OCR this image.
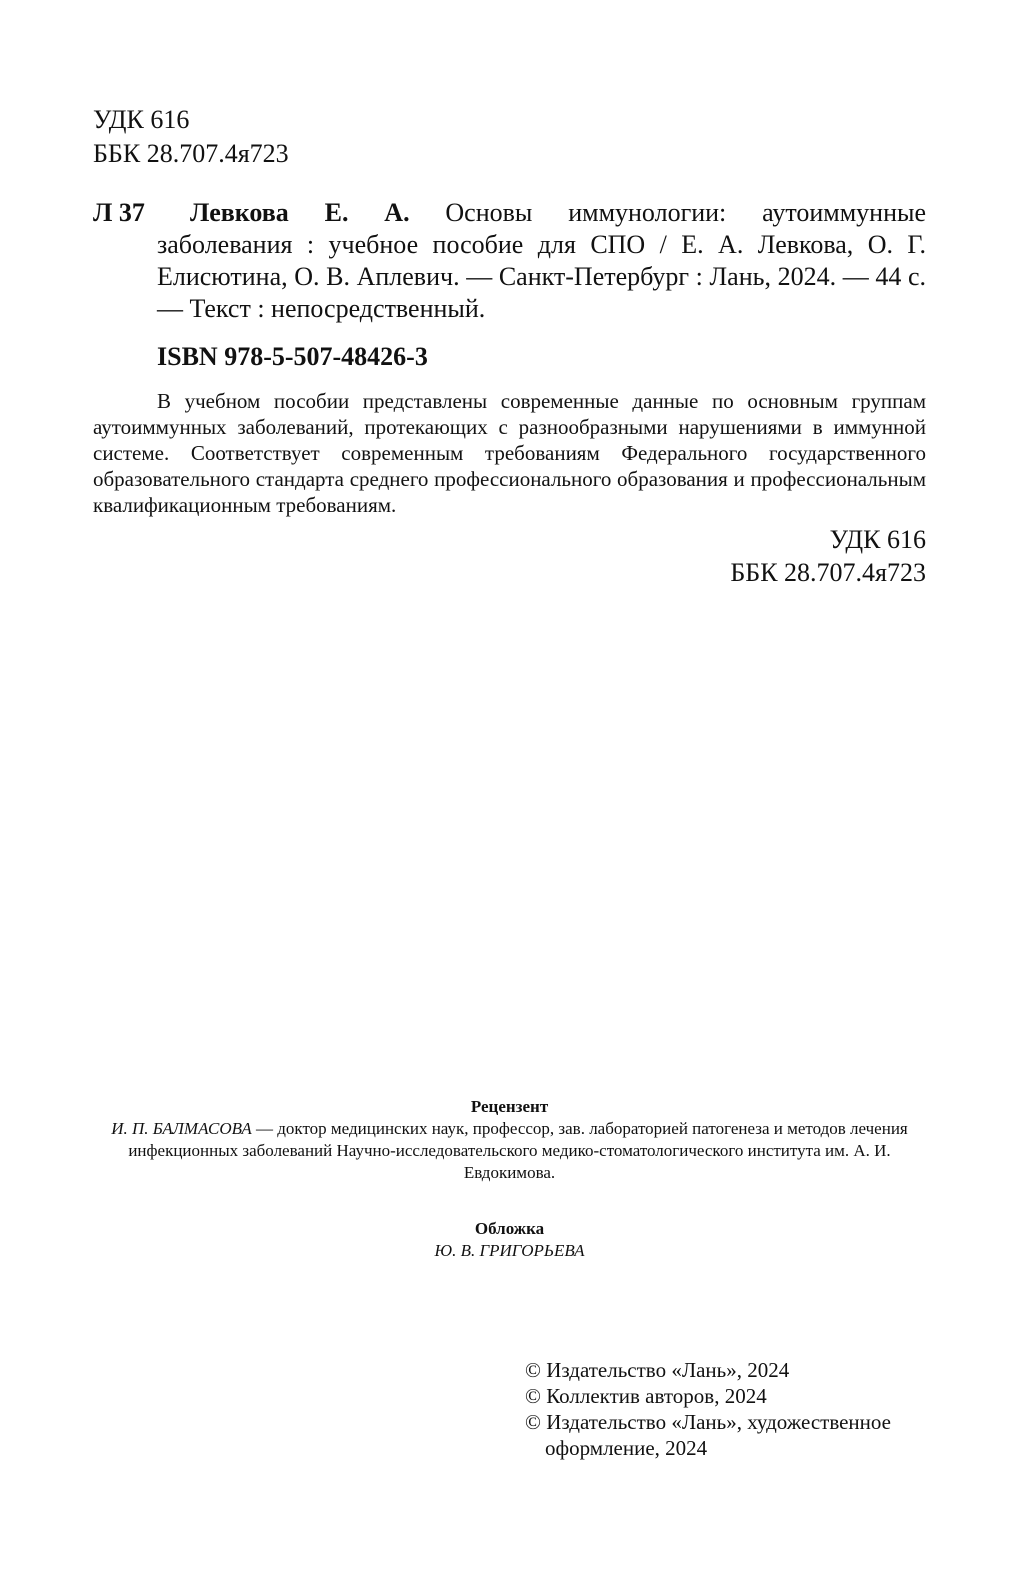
УДК 616
ББК 28.707.4я723
Л 37	Левкова Е. А. Основы иммунологии: аутоиммунные
заболевания : учебное пособие для СПО / Е. А. Левкова, О. Г. Елисютина, О. В. Аплевич. — Санкт-Петербург : Лань, 2024. — 44 с. — Текст : непосредственный.
ISBN 978-5-507-48426-3
В учебном пособии представлены современные данные по основным группам аутоиммунных заболеваний, протекающих с разнообразными нарушениями в иммунной системе. Соответствует современным требованиям Федерального государственного образовательного стандарта среднего профессионального образования и профессиональным квалификационным требованиям.
УДК 616
ББК 28.707.4я723
Рецензент
И. П. БАЛМАСОВА — доктор медицинских наук, профессор, зав. лабораторией патогенеза и методов лечения инфекционных заболеваний Научно-исследовательского медико-стоматологического института им. А. И. Евдокимова.
Обложка
Ю. В. ГРИГОРЬЕВА
© Издательство «Лань», 2024
© Коллектив авторов, 2024
© Издательство «Лань», художественное
оформление, 2024
